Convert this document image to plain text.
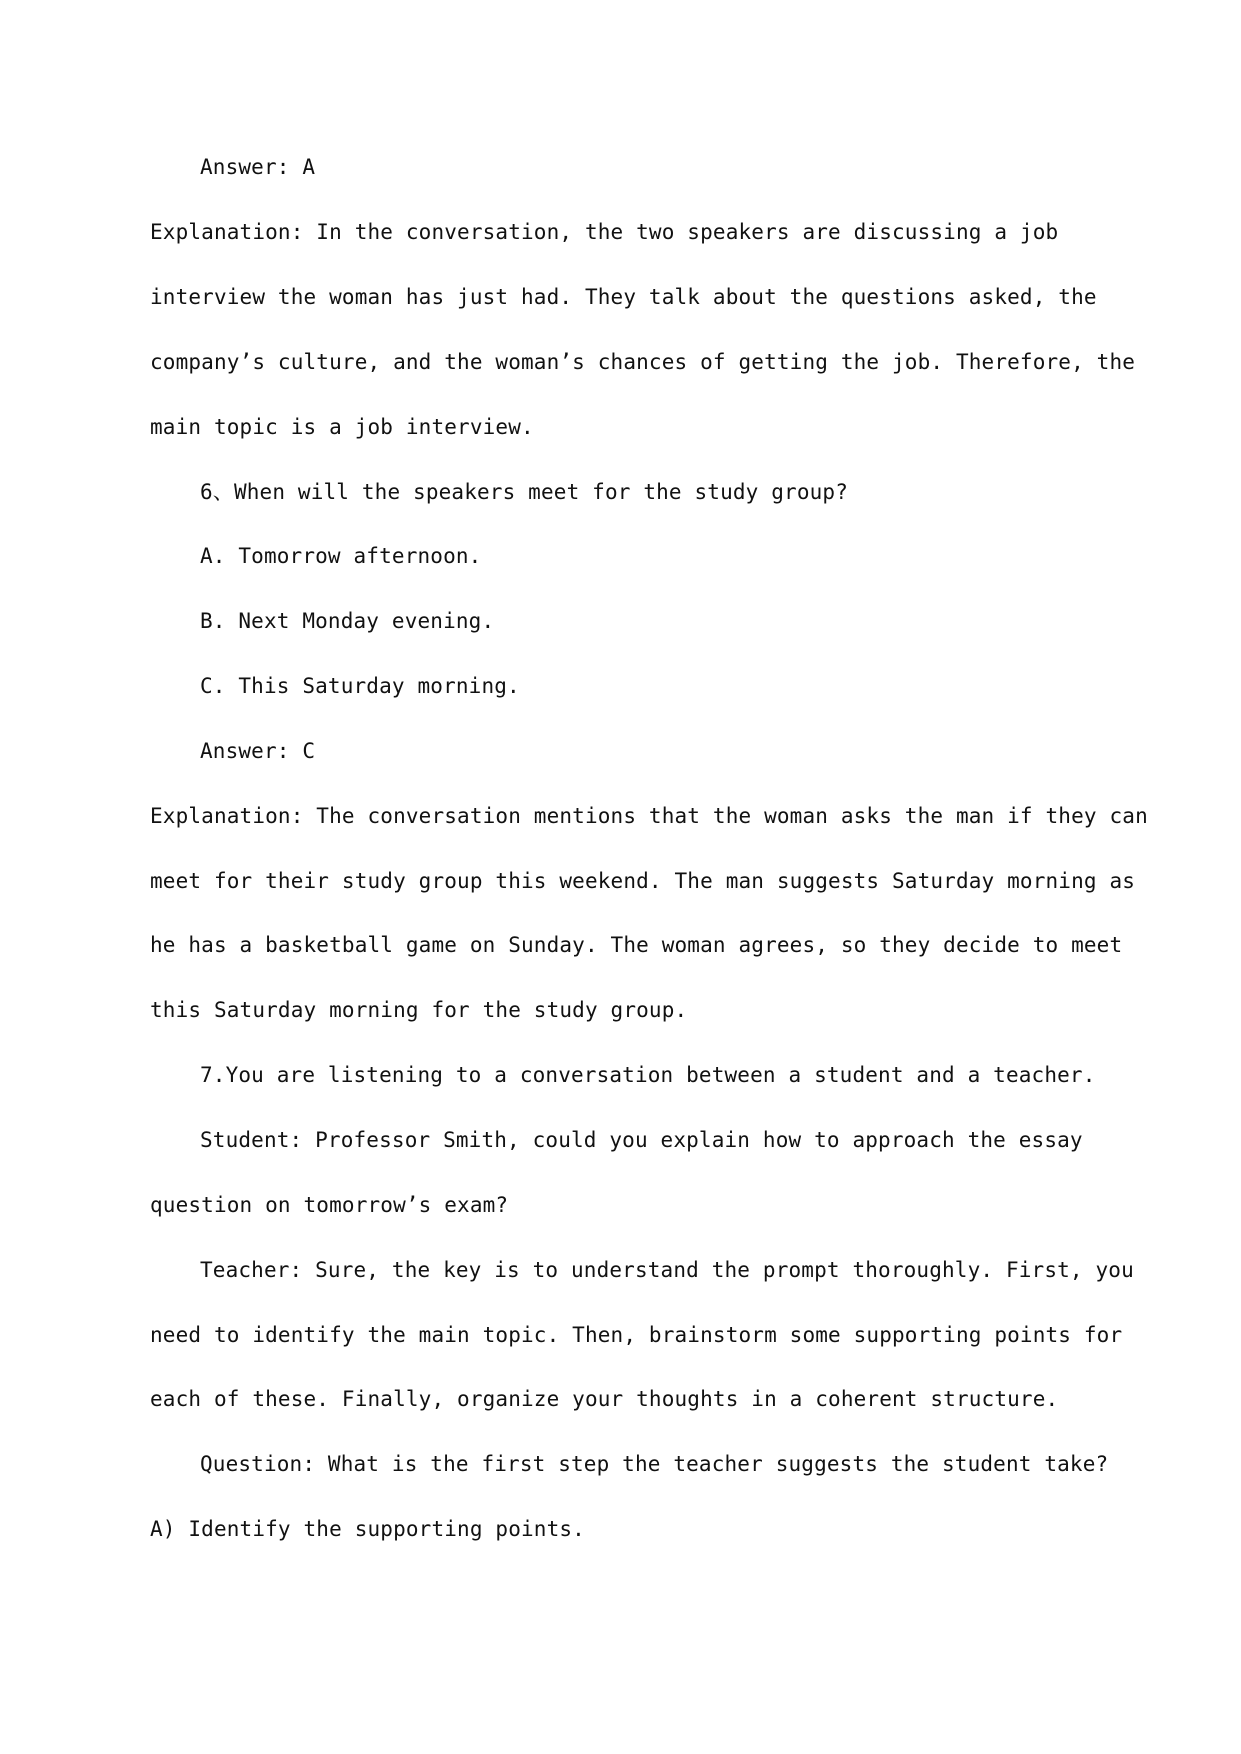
Answer: A
Explanation: In the conversation, the two speakers are discussing a job
interview the woman has just had. They talk about the questions asked, the
company’s culture, and the woman’s chances of getting the job. Therefore, the
main topic is a job interview.
6、When will the speakers meet for the study group?
A. Tomorrow afternoon.
B. Next Monday evening.
C. This Saturday morning.
Answer: C
Explanation: The conversation mentions that the woman asks the man if they can
meet for their study group this weekend. The man suggests Saturday morning as
he has a basketball game on Sunday. The woman agrees, so they decide to meet
this Saturday morning for the study group.
7.You are listening to a conversation between a student and a teacher.
Student: Professor Smith, could you explain how to approach the essay
question on tomorrow’s exam?
Teacher: Sure, the key is to understand the prompt thoroughly. First, you
need to identify the main topic. Then, brainstorm some supporting points for
each of these. Finally, organize your thoughts in a coherent structure.
Question: What is the first step the teacher suggests the student take?
A) Identify the supporting points.
